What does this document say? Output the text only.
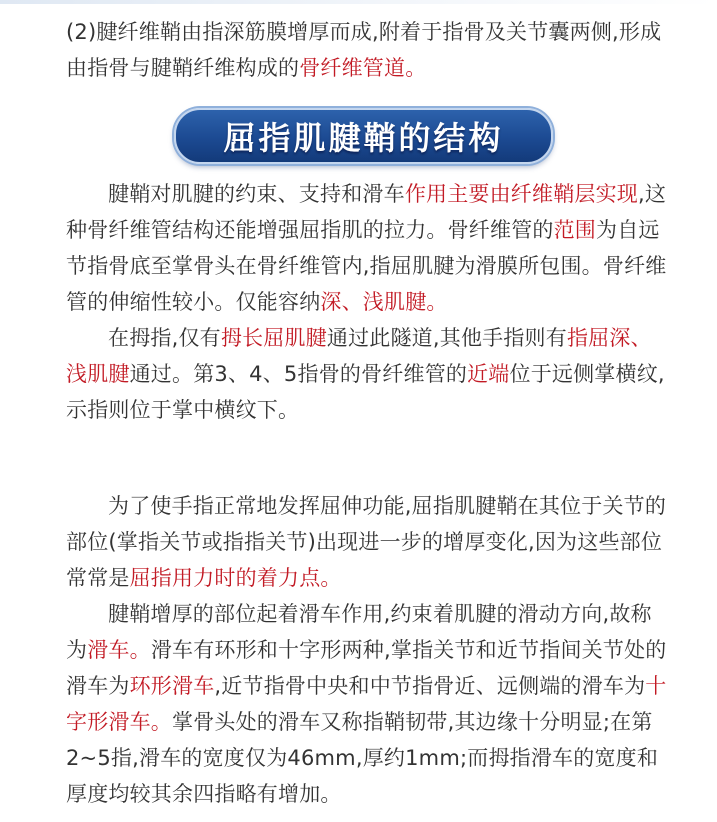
(2)腱纤维鞘由指深筋膜增厚而成,附着于指骨及关节囊两侧,形成由指骨与腱鞘纤维构成的骨纤维管道。

屈指肌腱鞘的结构

腱鞘对肌腱的约束、支持和滑车作用主要由纤维鞘层实现,这种骨纤维管结构还能增强屈指肌的拉力。骨纤维管的范围为自远节指骨底至掌骨头在骨纤维管内,指屈肌腱为滑膜所包围。骨纤维管的伸缩性较小。仅能容纳深、浅肌腱。

在拇指,仅有拇长屈肌腱通过此隧道,其他手指则有指屈深、浅肌腱通过。第3、4、5指骨的骨纤维管的近端位于远侧掌横纹,示指则位于掌中横纹下。

为了使手指正常地发挥屈伸功能,屈指肌腱鞘在其位于关节的部位(掌指关节或指指关节)出现进一步的增厚变化,因为这些部位常常是屈指用力时的着力点。

腱鞘增厚的部位起着滑车作用,约束着肌腱的滑动方向,故称为滑车。滑车有环形和十字形两种,掌指关节和近节指间关节处的滑车为环形滑车,近节指骨中央和中节指骨近、远侧端的滑车为十字形滑车。掌骨头处的滑车又称指鞘韧带,其边缘十分明显;在第2~5指,滑车的宽度仅为46mm,厚约1mm;而拇指滑车的宽度和厚度均较其余四指略有增加。
